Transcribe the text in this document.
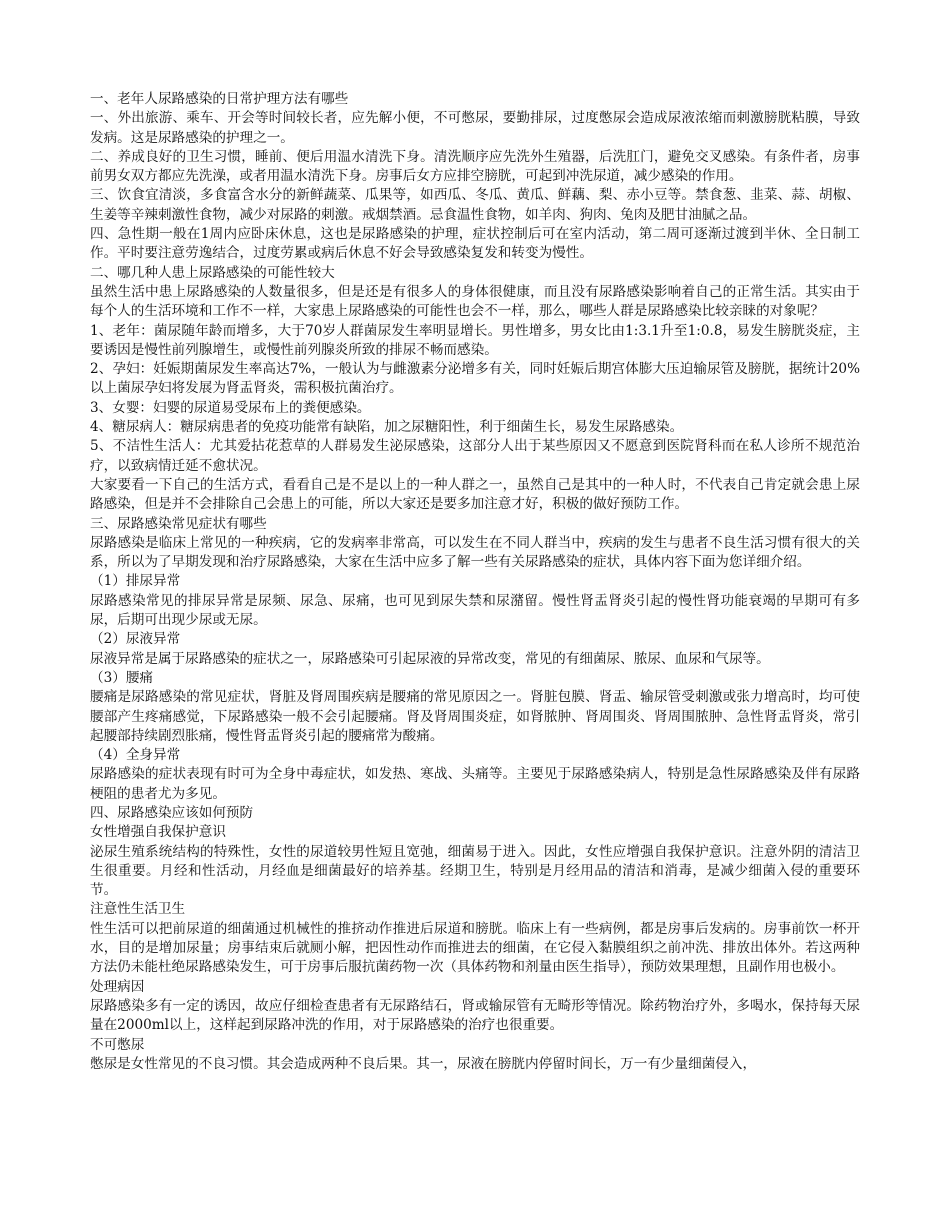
一、老年人尿路感染的日常护理方法有哪些

一、外出旅游、乘车、开会等时间较长者，应先解小便，不可憋尿，要勤排尿，过度憋尿会造成尿液浓缩而刺激膀胱粘膜，导致发病。这是尿路感染的护理之一。

二、养成良好的卫生习惯，睡前、便后用温水清洗下身。清洗顺序应先洗外生殖器，后洗肛门，避免交叉感染。有条件者，房事前男女双方都应先洗澡，或者用温水清洗下身。房事后女方应排空膀胱，可起到冲洗尿道，减少感染的作用。

三、饮食宜清淡，多食富含水分的新鲜蔬菜、瓜果等，如西瓜、冬瓜、黄瓜、鲜藕、梨、赤小豆等。禁食葱、韭菜、蒜、胡椒、生姜等辛辣刺激性食物，减少对尿路的刺激。戒烟禁酒。忌食温性食物，如羊肉、狗肉、兔肉及肥甘油腻之品。

四、急性期一般在1周内应卧床休息，这也是尿路感染的护理，症状控制后可在室内活动，第二周可逐渐过渡到半休、全日制工作。平时要注意劳逸结合，过度劳累或病后休息不好会导致感染复发和转变为慢性。

二、哪几种人患上尿路感染的可能性较大

虽然生活中患上尿路感染的人数量很多，但是还是有很多人的身体很健康，而且没有尿路感染影响着自己的正常生活。其实由于每个人的生活环境和工作不一样，大家患上尿路感染的可能性也会不一样，那么，哪些人群是尿路感染比较亲睐的对象呢？

1、老年：菌尿随年龄而增多，大于70岁人群菌尿发生率明显增长。男性增多，男女比由1:3.1升至1:0.8，易发生膀胱炎症，主要诱因是慢性前列腺增生，或慢性前列腺炎所致的排尿不畅而感染。

2、孕妇：妊娠期菌尿发生率高达7%，一般认为与雌激素分泌增多有关，同时妊娠后期宫体膨大压迫输尿管及膀胱，据统计20%以上菌尿孕妇将发展为肾盂肾炎，需积极抗菌治疗。

3、女婴：妇婴的尿道易受尿布上的粪便感染。

4、糖尿病人：糖尿病患者的免疫功能常有缺陷，加之尿糖阳性，利于细菌生长，易发生尿路感染。

5、不洁性生活人：尤其爱拈花惹草的人群易发生泌尿感染，这部分人出于某些原因又不愿意到医院肾科而在私人诊所不规范治疗，以致病情迁延不愈状况。

大家要看一下自己的生活方式，看看自己是不是以上的一种人群之一，虽然自己是其中的一种人时，不代表自己肯定就会患上尿路感染，但是并不会排除自己会患上的可能，所以大家还是要多加注意才好，积极的做好预防工作。

三、尿路感染常见症状有哪些

尿路感染是临床上常见的一种疾病，它的发病率非常高，可以发生在不同人群当中，疾病的发生与患者不良生活习惯有很大的关系，所以为了早期发现和治疗尿路感染，大家在生活中应多了解一些有关尿路感染的症状，具体内容下面为您详细介绍。

（1）排尿异常

尿路感染常见的排尿异常是尿频、尿急、尿痛，也可见到尿失禁和尿潴留。慢性肾盂肾炎引起的慢性肾功能衰竭的早期可有多尿，后期可出现少尿或无尿。

（2）尿液异常

尿液异常是属于尿路感染的症状之一，尿路感染可引起尿液的异常改变，常见的有细菌尿、脓尿、血尿和气尿等。

（3）腰痛

腰痛是尿路感染的常见症状，肾脏及肾周围疾病是腰痛的常见原因之一。肾脏包膜、肾盂、输尿管受刺激或张力增高时，均可使腰部产生疼痛感觉，下尿路感染一般不会引起腰痛。肾及肾周围炎症，如肾脓肿、肾周围炎、肾周围脓肿、急性肾盂肾炎，常引起腰部持续剧烈胀痛，慢性肾盂肾炎引起的腰痛常为酸痛。

（4）全身异常

尿路感染的症状表现有时可为全身中毒症状，如发热、寒战、头痛等。主要见于尿路感染病人，特别是急性尿路感染及伴有尿路梗阻的患者尤为多见。

四、尿路感染应该如何预防

女性增强自我保护意识

泌尿生殖系统结构的特殊性，女性的尿道较男性短且宽弛，细菌易于进入。因此，女性应增强自我保护意识。注意外阴的清洁卫生很重要。月经和性活动，月经血是细菌最好的培养基。经期卫生，特别是月经用品的清洁和消毒，是减少细菌入侵的重要环节。

注意性生活卫生

性生活可以把前尿道的细菌通过机械性的推挤动作推进后尿道和膀胱。临床上有一些病例，都是房事后发病的。房事前饮一杯开水，目的是增加尿量；房事结束后就厕小解，把因性动作而推进去的细菌，在它侵入黏膜组织之前冲洗、排放出体外。若这两种方法仍未能杜绝尿路感染发生，可于房事后服抗菌药物一次（具体药物和剂量由医生指导），预防效果理想，且副作用也极小。

处理病因

尿路感染多有一定的诱因，故应仔细检查患者有无尿路结石，肾或输尿管有无畸形等情况。除药物治疗外，多喝水，保持每天尿量在2000ml以上，这样起到尿路冲洗的作用，对于尿路感染的治疗也很重要。

不可憋尿

憋尿是女性常见的不良习惯。其会造成两种不良后果。其一，尿液在膀胱内停留时间长，万一有少量细菌侵入，
